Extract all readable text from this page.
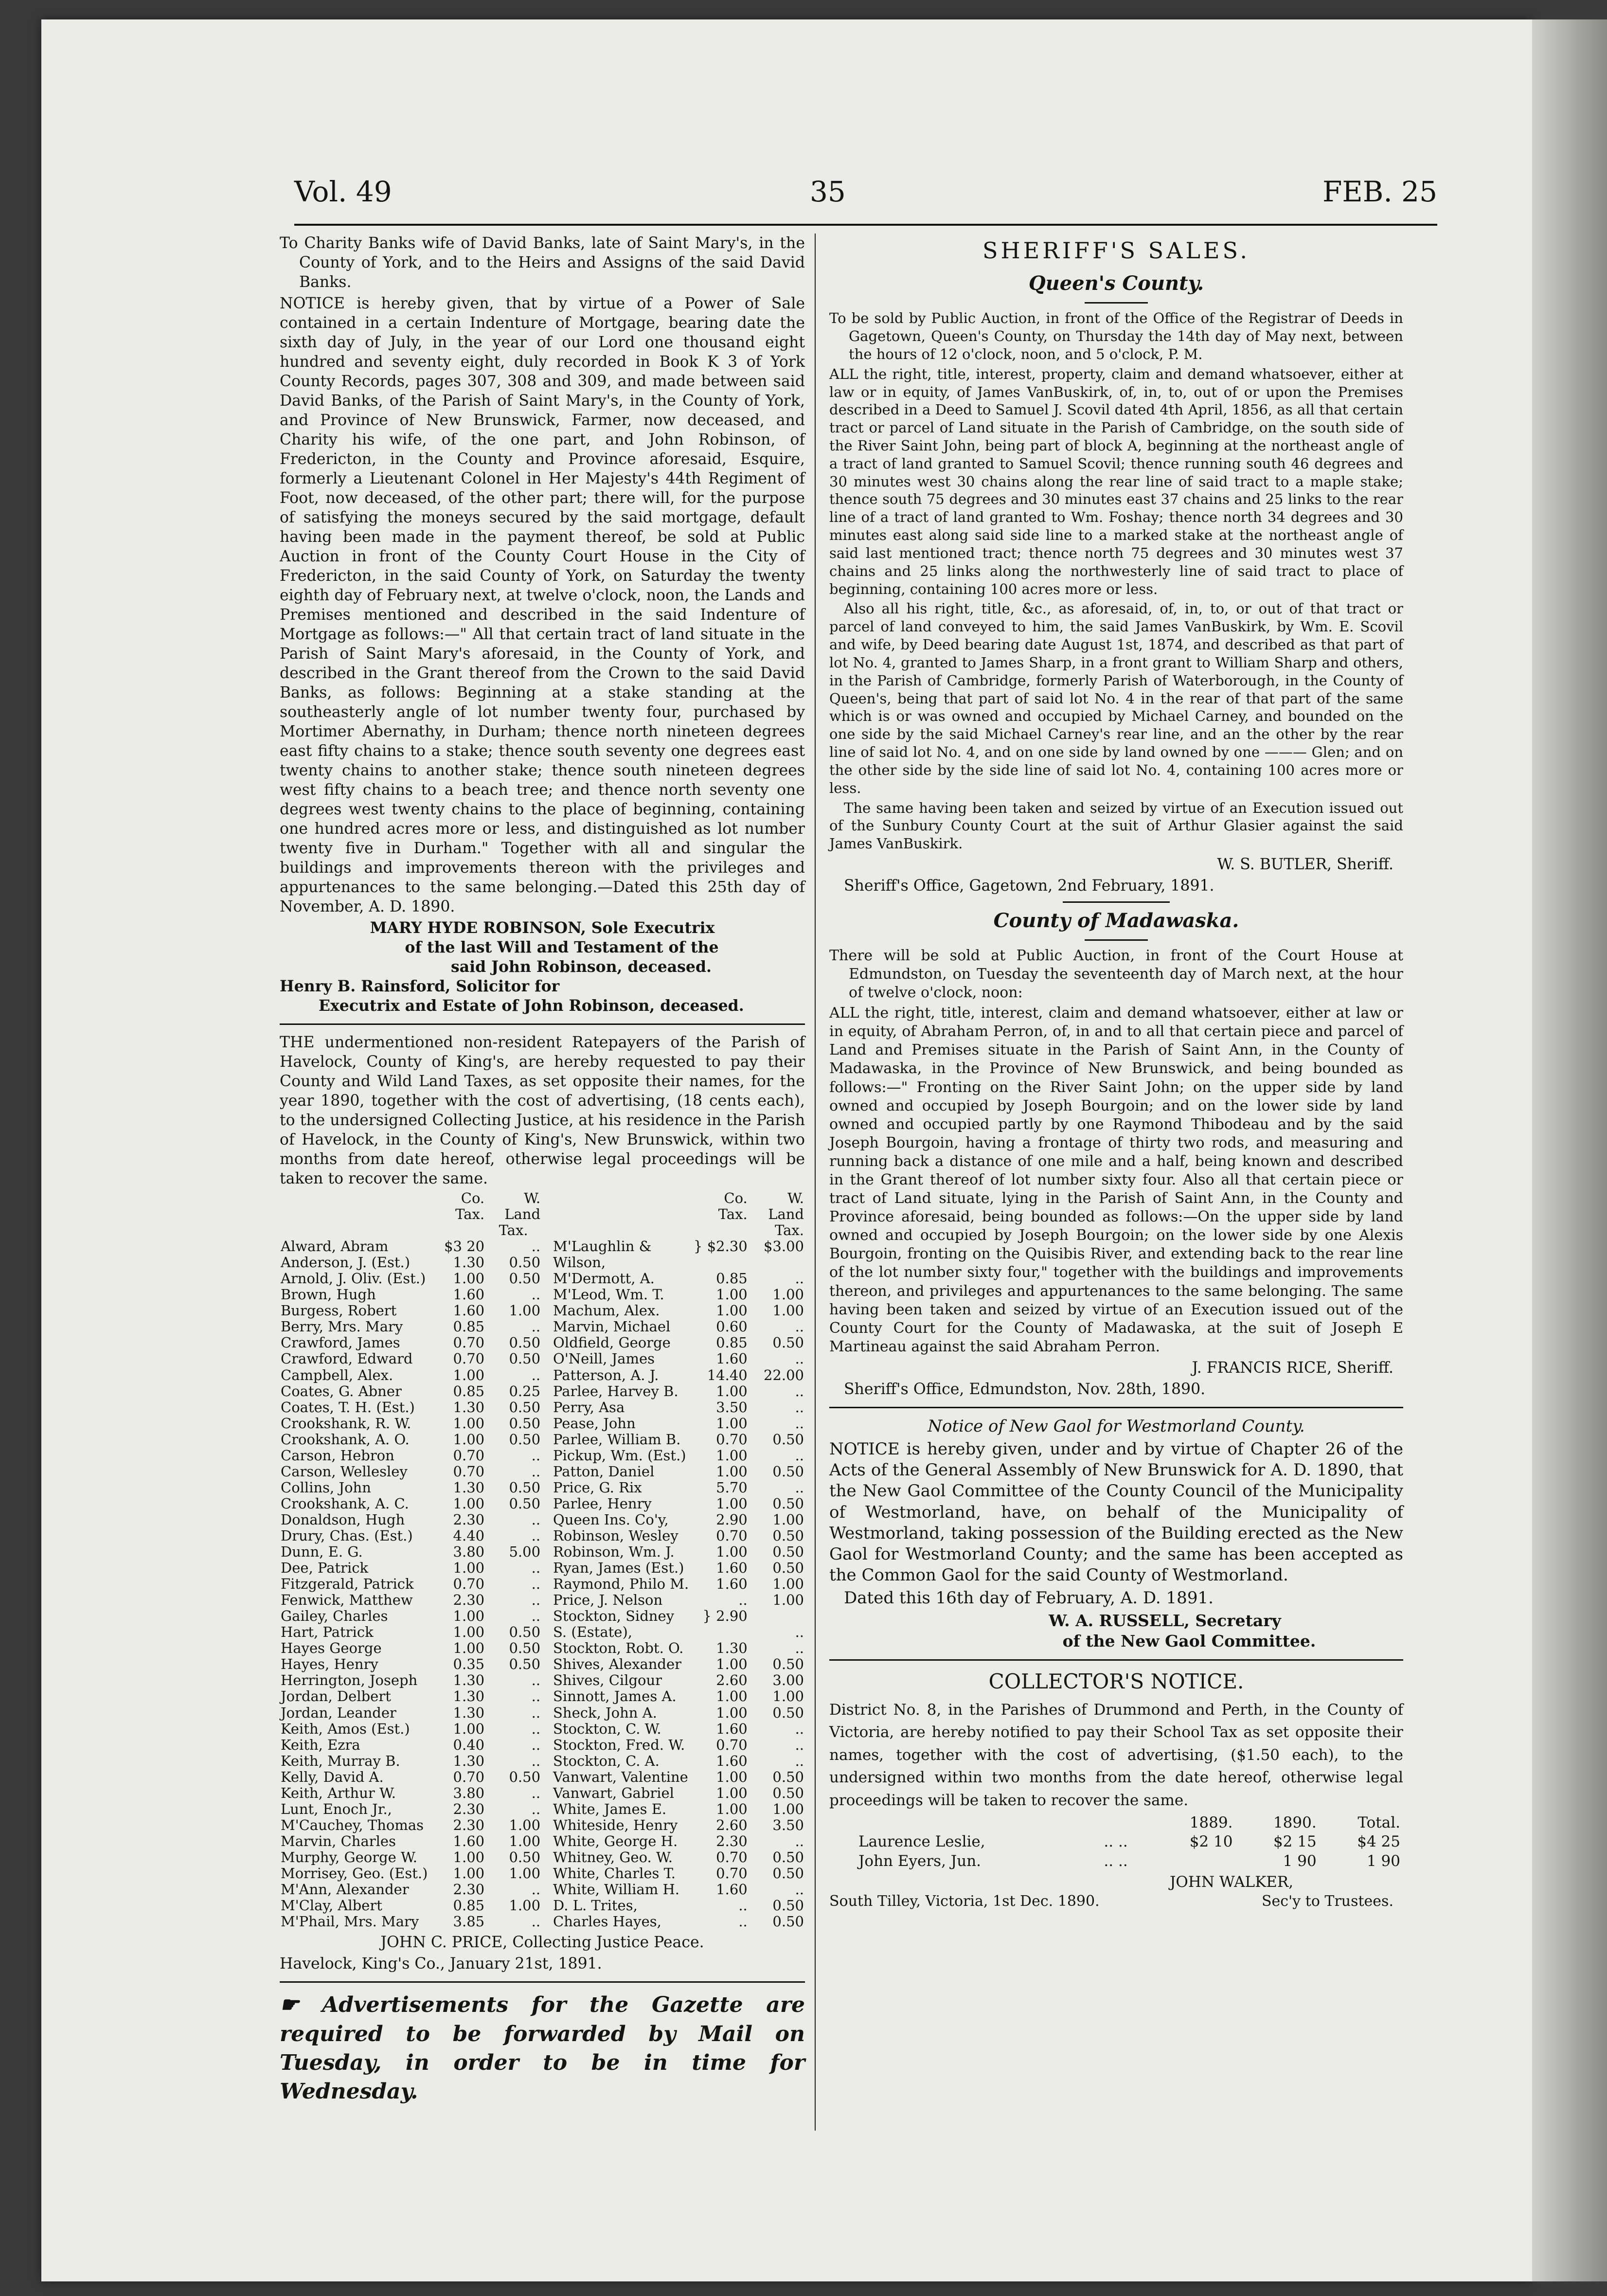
Vol. 49	35	FEB. 25

To Charity Banks wife of David Banks, late of Saint Mary's, in the County of York, and to the Heirs and Assigns of the said David Banks.

NOTICE is hereby given, that by virtue of a Power of Sale contained in a certain Indenture of Mortgage, bearing date the sixth day of July, in the year of our Lord one thousand eight hundred and seventy eight, duly recorded in Book K 3 of York County Records, pages 307, 308 and 309, and made between said David Banks, of the Parish of Saint Mary's, in the County of York, and Province of New Brunswick, Farmer, now deceased, and Charity his wife, of the one part, and John Robinson, of Fredericton, in the County and Province aforesaid, Esquire, formerly a Lieutenant Colonel in Her Majesty's 44th Regiment of Foot, now deceased, of the other part; there will, for the purpose of satisfying the moneys secured by the said mortgage, default having been made in the payment thereof, be sold at Public Auction in front of the County Court House in the City of Fredericton, in the said County of York, on Saturday the twenty eighth day of February next, at twelve o'clock, noon, the Lands and Premises mentioned and described in the said Indenture of Mortgage as follows:—" All that certain tract of land situate in the Parish of Saint Mary's aforesaid, in the County of York, and described in the Grant thereof from the Crown to the said David Banks, as follows: Beginning at a stake standing at the southeasterly angle of lot number twenty four, purchased by Mortimer Abernathy, in Durham; thence north nineteen degrees east fifty chains to a stake; thence south seventy one degrees east twenty chains to another stake; thence south nineteen degrees west fifty chains to a beach tree; and thence north seventy one degrees west twenty chains to the place of beginning, containing one hundred acres more or less, and distinguished as lot number twenty five in Durham." Together with all and singular the buildings and improvements thereon with the privileges and appurtenances to the same belonging.—Dated this 25th day of November, A. D. 1890.

MARY HYDE ROBINSON, Sole Executrix

of the last Will and Testament of the

said John Robinson, deceased.

Henry B. Rainsford, Solicitor for

Executrix and Estate of John Robinson, deceased.

THE undermentioned non-resident Ratepayers of the Parish of Havelock, County of King's, are hereby requested to pay their County and Wild Land Taxes, as set opposite their names, for the year 1890, together with the cost of advertising, (18 cents each), to the undersigned Collecting Justice, at his residence in the Parish of Havelock, in the County of King's, New Brunswick, within two months from date hereof, otherwise legal proceedings will be taken to recover the same.

	Co. Tax.	W. Land		Co. Tax.	W. Land
		Tax.			Tax.
Alward, Abram	$3 20	..	M'Laughlin &	} $2.30	$3.00
Anderson, J. (Est.)	1.30	0.50	Wilson,		
Arnold, J. Oliv. (Est.)	1.00	0.50	M'Dermott, A.	0.85	..
Brown, Hugh	1.60	..	M'Leod, Wm. T.	1.00	1.00
Burgess, Robert	1.60	1.00	Machum, Alex.	1.00	1.00
Berry, Mrs. Mary	0.85	..	Marvin, Michael	0.60	..
Crawford, James	0.70	0.50	Oldfield, George	0.85	0.50
Crawford, Edward	0.70	0.50	O'Neill, James	1.60	..
Campbell, Alex.	1.00	..	Patterson, A. J.	14.40	22.00
Coates, G. Abner	0.85	0.25	Parlee, Harvey B.	1.00	..
Coates, T. H. (Est.)	1.30	0.50	Perry, Asa	3.50	..
Crookshank, R. W.	1.00	0.50	Pease, John	1.00	..
Crookshank, A. O.	1.00	0.50	Parlee, William B.	0.70	0.50
Carson, Hebron	0.70	..	Pickup, Wm. (Est.)	1.00	..
Carson, Wellesley	0.70	..	Patton, Daniel	1.00	0.50
Collins, John	1.30	0.50	Price, G. Rix	5.70	..
Crookshank, A. C.	1.00	0.50	Parlee, Henry	1.00	0.50
Donaldson, Hugh	2.30	..	Queen Ins. Co'y,	2.90	1.00
Drury, Chas. (Est.)	4.40	..	Robinson, Wesley	0.70	0.50
Dunn, E. G.	3.80	5.00	Robinson, Wm. J.	1.00	0.50
Dee, Patrick	1.00	..	Ryan, James (Est.)	1.60	0.50
Fitzgerald, Patrick	0.70	..	Raymond, Philo M.	1.60	1.00
Fenwick, Matthew	2.30	..	Price, J. Nelson	..	1.00
Gailey, Charles	1.00	..	Stockton, Sidney	} 2.90	
Hart, Patrick	1.00	0.50	S. (Estate),		..
Hayes George	1.00	0.50	Stockton, Robt. O.	1.30	..
Hayes, Henry	0.35	0.50	Shives, Alexander	1.00	0.50
Herrington, Joseph	1.30	..	Shives, Cilgour	2.60	3.00
Jordan, Delbert	1.30	..	Sinnott, James A.	1.00	1.00
Jordan, Leander	1.30	..	Sheck, John A.	1.00	0.50
Keith, Amos (Est.)	1.00	..	Stockton, C. W.	1.60	..
Keith, Ezra	0.40	..	Stockton, Fred. W.	0.70	..
Keith, Murray B.	1.30	..	Stockton, C. A.	1.60	..
Kelly, David A.	0.70	0.50	Vanwart, Valentine	1.00	0.50
Keith, Arthur W.	3.80	..	Vanwart, Gabriel	1.00	0.50
Lunt, Enoch Jr.,	2.30	..	White, James E.	1.00	1.00
M'Cauchey, Thomas	2.30	1.00	Whiteside, Henry	2.60	3.50
Marvin, Charles	1.60	1.00	White, George H.	2.30	..
Murphy, George W.	1.00	0.50	Whitney, Geo. W.	0.70	0.50
Morrisey, Geo. (Est.)	1.00	1.00	White, Charles T.	0.70	0.50
M'Ann, Alexander	2.30	..	White, William H.	1.60	..
M'Clay, Albert	0.85	1.00	D. L. Trites,	..	0.50
M'Phail, Mrs. Mary	3.85	..	Charles Hayes,	..	0.50

JOHN C. PRICE, Collecting Justice Peace.

Havelock, King's Co., January 21st, 1891.

☛ Advertisements for the Gazette are required to be forwarded by Mail on Tuesday, in order to be in time for Wednesday.

SHERIFF'S SALES.
Queen's County.

To be sold by Public Auction, in front of the Office of the Registrar of Deeds in Gagetown, Queen's County, on Thursday the 14th day of May next, between the hours of 12 o'clock, noon, and 5 o'clock, P. M.

ALL the right, title, interest, property, claim and demand whatsoever, either at law or in equity, of James VanBuskirk, of, in, to, out of or upon the Premises described in a Deed to Samuel J. Scovil dated 4th April, 1856, as all that certain tract or parcel of Land situate in the Parish of Cambridge, on the south side of the River Saint John, being part of block A, beginning at the northeast angle of a tract of land granted to Samuel Scovil; thence running south 46 degrees and 30 minutes west 30 chains along the rear line of said tract to a maple stake; thence south 75 degrees and 30 minutes east 37 chains and 25 links to the rear line of a tract of land granted to Wm. Foshay; thence north 34 degrees and 30 minutes east along said side line to a marked stake at the northeast angle of said last mentioned tract; thence north 75 degrees and 30 minutes west 37 chains and 25 links along the northwesterly line of said tract to place of beginning, containing 100 acres more or less.

Also all his right, title, &c., as aforesaid, of, in, to, or out of that tract or parcel of land conveyed to him, the said James VanBuskirk, by Wm. E. Scovil and wife, by Deed bearing date August 1st, 1874, and described as that part of lot No. 4, granted to James Sharp, in a front grant to William Sharp and others, in the Parish of Cambridge, formerly Parish of Waterborough, in the County of Queen's, being that part of said lot No. 4 in the rear of that part of the same which is or was owned and occupied by Michael Carney, and bounded on the one side by the said Michael Carney's rear line, and an the other by the rear line of said lot No. 4, and on one side by land owned by one ——— Glen; and on the other side by the side line of said lot No. 4, containing 100 acres more or less.

The same having been taken and seized by virtue of an Execution issued out of the Sunbury County Court at the suit of Arthur Glasier against the said James VanBuskirk.

W. S. BUTLER, Sheriff.

Sheriff's Office, Gagetown, 2nd February, 1891.

County of Madawaska.

There will be sold at Public Auction, in front of the Court House at Edmundston, on Tuesday the seventeenth day of March next, at the hour of twelve o'clock, noon:

ALL the right, title, interest, claim and demand whatsoever, either at law or in equity, of Abraham Perron, of, in and to all that certain piece and parcel of Land and Premises situate in the Parish of Saint Ann, in the County of Madawaska, in the Province of New Brunswick, and being bounded as follows:—" Fronting on the River Saint John; on the upper side by land owned and occupied by Joseph Bourgoin; and on the lower side by land owned and occupied partly by one Raymond Thibodeau and by the said Joseph Bourgoin, having a frontage of thirty two rods, and measuring and running back a distance of one mile and a half, being known and described in the Grant thereof of lot number sixty four. Also all that certain piece or tract of Land situate, lying in the Parish of Saint Ann, in the County and Province aforesaid, being bounded as follows:—On the upper side by land owned and occupied by Joseph Bourgoin; on the lower side by one Alexis Bourgoin, fronting on the Quisibis River, and extending back to the rear line of the lot number sixty four," together with the buildings and improvements thereon, and privileges and appurtenances to the same belonging. The same having been taken and seized by virtue of an Execution issued out of the County Court for the County of Madawaska, at the suit of Joseph E Martineau against the said Abraham Perron.

J. FRANCIS RICE, Sheriff.

Sheriff's Office, Edmundston, Nov. 28th, 1890.

Notice of New Gaol for Westmorland County.

NOTICE is hereby given, under and by virtue of Chapter 26 of the Acts of the General Assembly of New Brunswick for A. D. 1890, that the New Gaol Committee of the County Council of the Municipality of Westmorland, have, on behalf of the Municipality of Westmorland, taking possession of the Building erected as the New Gaol for Westmorland County; and the same has been accepted as the Common Gaol for the said County of Westmorland.

Dated this 16th day of February, A. D. 1891.

W. A. RUSSELL, Secretary

of the New Gaol Committee.

COLLECTOR'S NOTICE.

District No. 8, in the Parishes of Drummond and Perth, in the County of Victoria, are hereby notified to pay their School Tax as set opposite their names, together with the cost of advertising, ($1.50 each), to the undersigned within two months from the date hereof, otherwise legal proceedings will be taken to recover the same.

		1889.	1890.	Total.
Laurence Leslie,	.. ..	$2 10	$2 15	$4 25
John Eyers, Jun.	.. ..		1 90	1 90

JOHN WALKER,

South Tilley, Victoria, 1st Dec. 1890.	Sec'y to Trustees.
